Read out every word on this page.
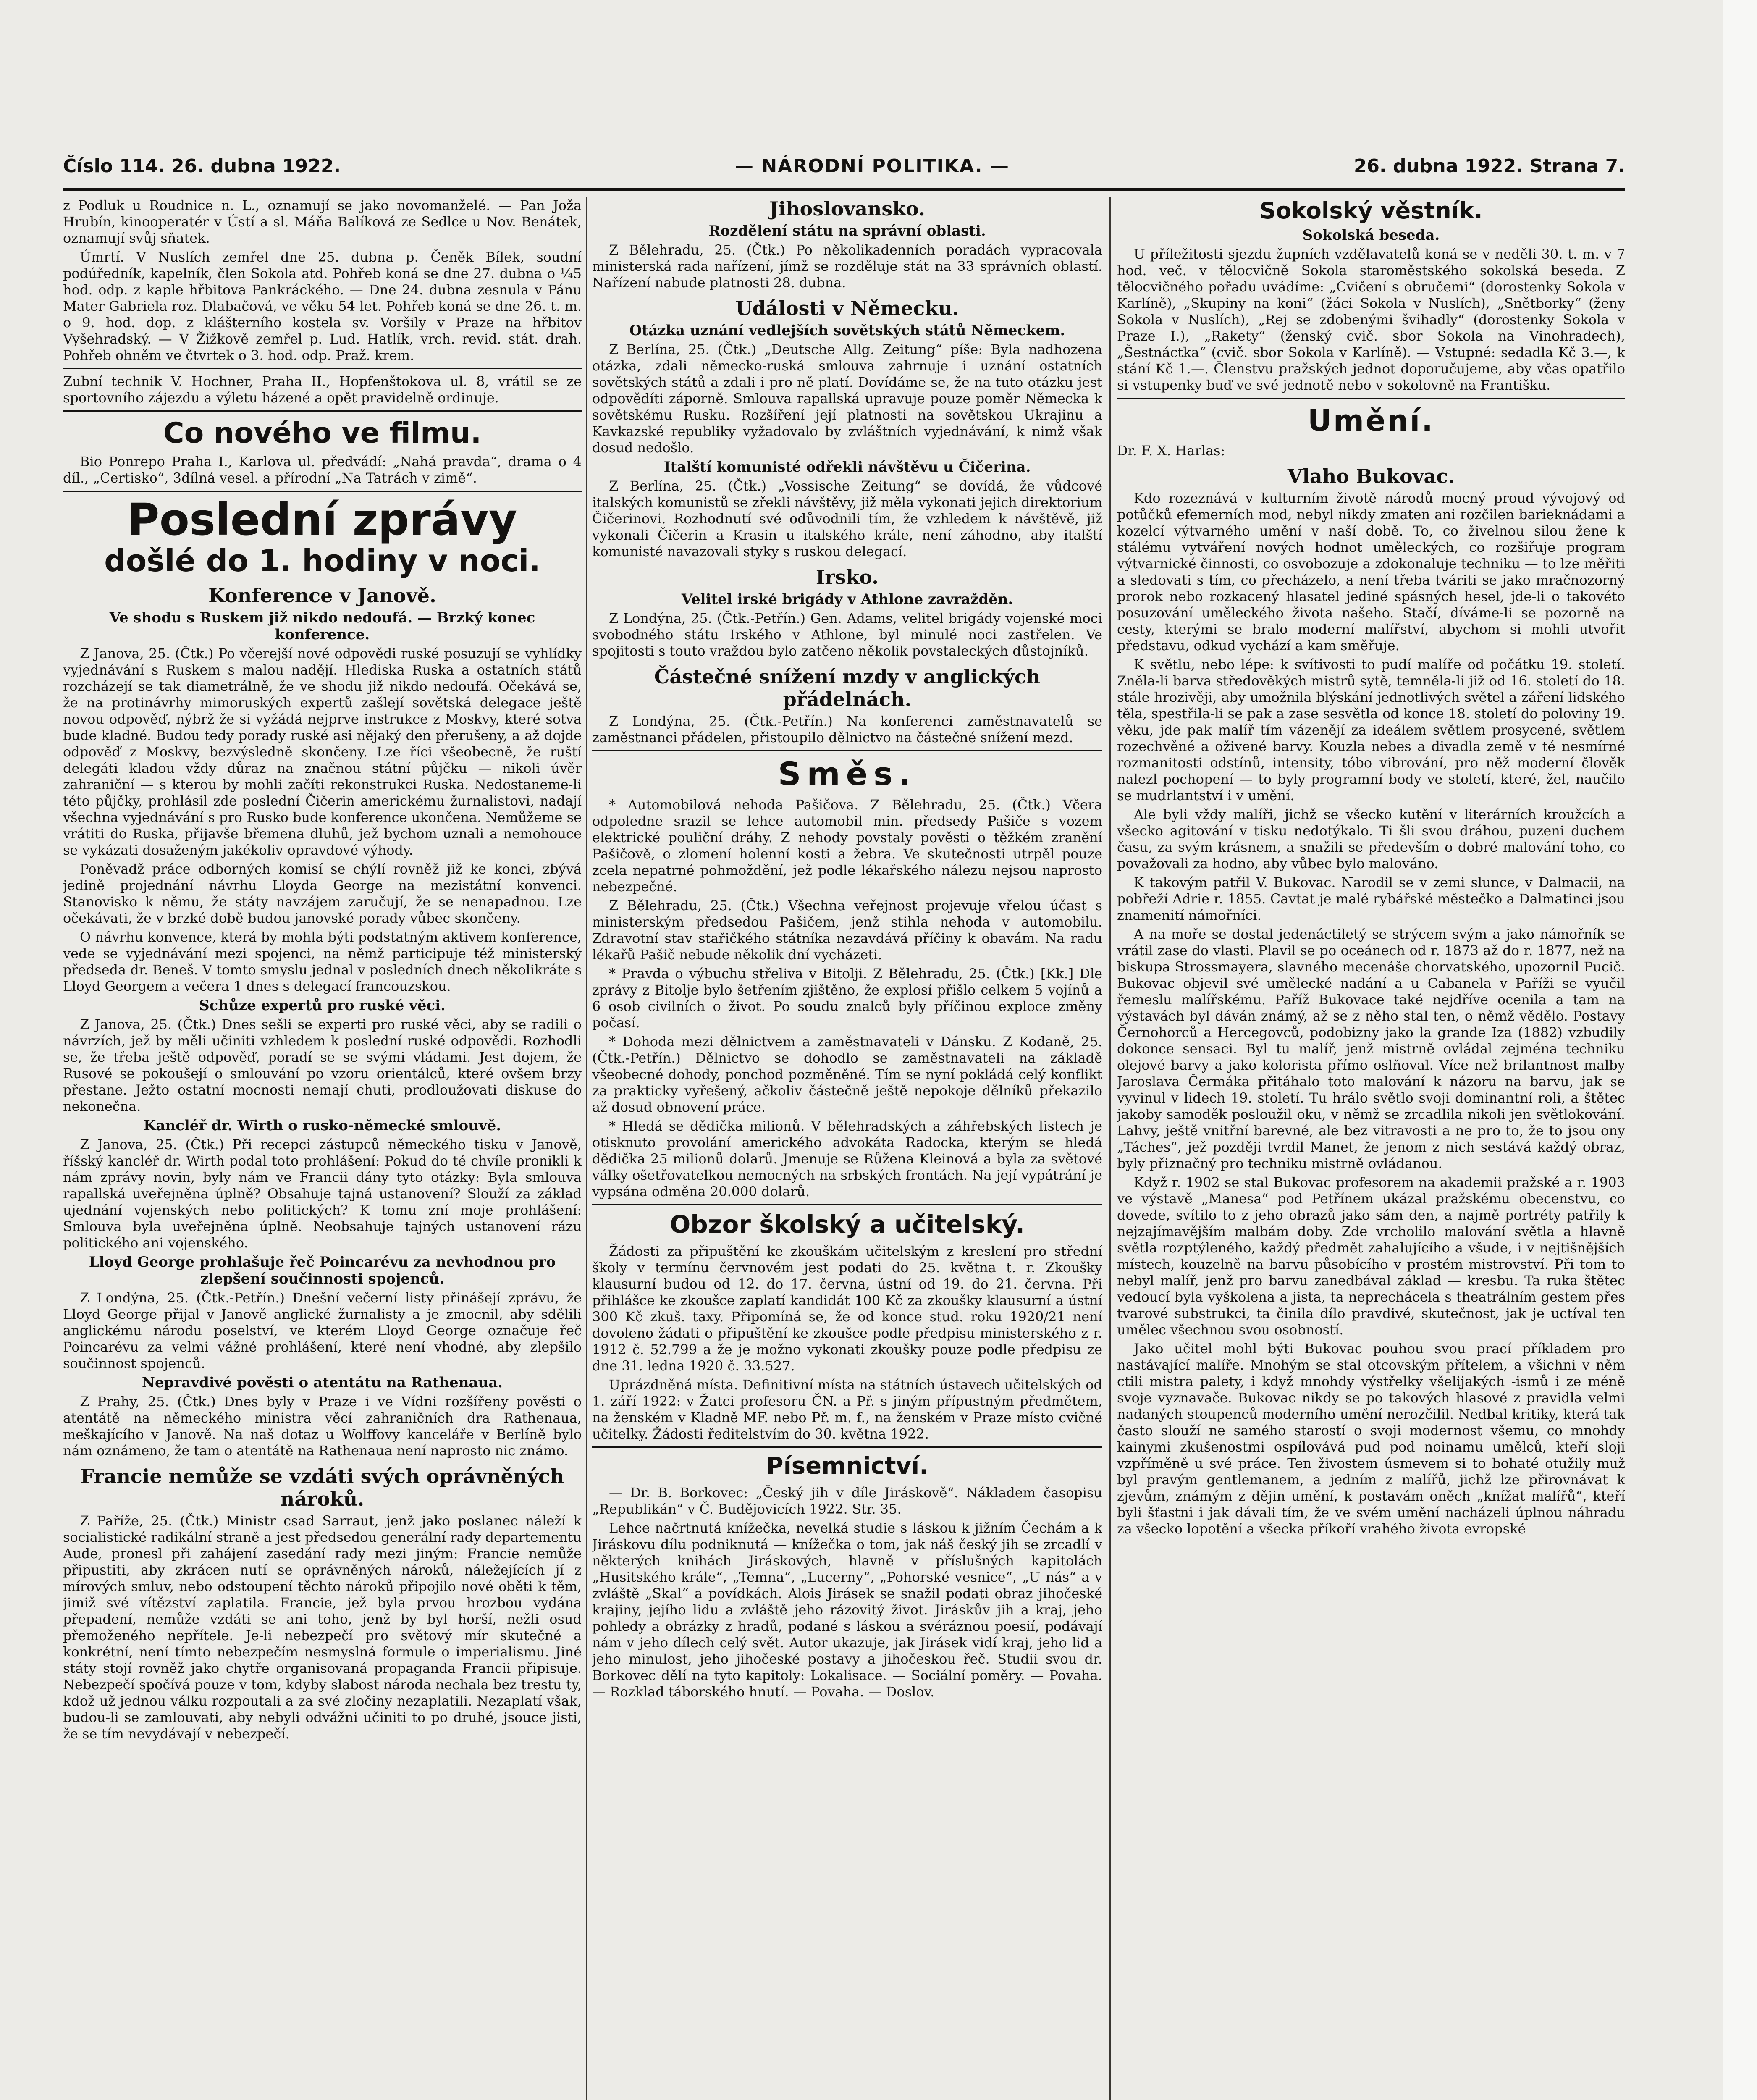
Číslo 114. 26. dubna 1922.	— NÁRODNÍ POLITIKA. —	26. dubna 1922. Strana 7.

z Podluk u Roudnice n. L., oznamují se jako novomanželé. — Pan Joža Hrubín, kinooperatér v Ústí a sl. Máňa Balíková ze Sedlce u Nov. Benátek, oznamují svůj sňatek.

Úmrtí. V Nuslích zemřel dne 25. dubna p. Čeněk Bílek, soudní podúředník, kapelník, člen Sokola atd. Pohřeb koná se dne 27. dubna o ¼5 hod. odp. z kaple hřbitova Pankráckého. — Dne 24. dubna zesnula v Pánu Mater Gabriela roz. Dlabačová, ve věku 54 let. Pohřeb koná se dne 26. t. m. o 9. hod. dop. z klášterního kostela sv. Voršily v Praze na hřbitov Vyšehradský. — V Žižkově zemřel p. Lud. Hatlík, vrch. revid. stát. drah. Pohřeb ohněm ve čtvrtek o 3. hod. odp. Praž. krem.

Zubní technik V. Hochner, Praha II., Hopfenštokova ul. 8, vrátil se ze sportovního zájezdu a výletu házené a opět pravidelně ordinuje.

Co nového ve filmu.

Bio Ponrepo Praha I., Karlova ul. předvádí: „Nahá pravda“, drama o 4 díl., „Certisko“, 3dílná vesel. a přírodní „Na Tatrách v zimě“.

Poslední zprávy
došlé do 1. hodiny v noci.
Konference v Janově.
Ve shodu s Ruskem již nikdo nedoufá. — Brzký konec konference.

Z Janova, 25. (Čtk.) Po včerejší nové odpovědi ruské posuzují se vyhlídky vyjednávání s Ruskem s malou nadějí. Hlediska Ruska a ostatních států rozcházejí se tak diametrálně, že ve shodu již nikdo nedoufá. Očekává se, že na protinávrhy mimoruských expertů zašlejí sovětská delegace ještě novou odpověď, nýbrž že si vyžádá nejprve instrukce z Moskvy, které sotva bude kladné. Budou tedy porady ruské asi nějaký den přerušeny, a až dojde odpověď z Moskvy, bezvýsledně skončeny. Lze říci všeobecně, že ruští delegáti kladou vždy důraz na značnou státní půjčku — nikoli úvěr zahraniční — s kterou by mohli začíti rekonstrukci Ruska. Nedostaneme-li této půjčky, prohlásil zde poslední Čičerin americkému žurnalistovi, nadají všechna vyjednávání s pro Rusko bude konference ukončena. Nemůžeme se vrátiti do Ruska, přijavše břemena dluhů, jež bychom uznali a nemohouce se vykázati dosaženým jakékoliv opravdové výhody.

Poněvadž práce odborných komisí se chýlí rovněž již ke konci, zbývá jedině projednání návrhu Lloyda George na mezistátní konvenci. Stanovisko k němu, že státy navzájem zaručují, že se nenapadnou. Lze očekávati, že v brzké době budou janovské porady vůbec skončeny.

O návrhu konvence, která by mohla býti podstatným aktivem konference, vede se vyjednávání mezi spojenci, na němž participuje též ministerský předseda dr. Beneš. V tomto smyslu jednal v posledních dnech několikráte s Lloyd Georgem a večera 1 dnes s delegací francouzskou.

Schůze expertů pro ruské věci.

Z Janova, 25. (Čtk.) Dnes sešli se experti pro ruské věci, aby se radili o návrzích, jež by měli učiniti vzhledem k poslední ruské odpovědi. Rozhodli se, že třeba ještě odpověď, poradí se se svými vládami. Jest dojem, že Rusové se pokoušejí o smlouvání po vzoru orientálců, které ovšem brzy přestane. Ježto ostatní mocnosti nemají chuti, prodloužovati diskuse do nekonečna.

Kancléř dr. Wirth o rusko-německé smlouvě.

Z Janova, 25. (Čtk.) Při recepci zástupců německého tisku v Janově, říšský kancléř dr. Wirth podal toto prohlášení: Pokud do té chvíle pronikli k nám zprávy novin, byly nám ve Francii dány tyto otázky: Byla smlouva rapallská uveřejněna úplně? Obsahuje tajná ustanovení? Slouží za základ ujednání vojenských nebo politických? K tomu zní moje prohlášení: Smlouva byla uveřejněna úplně. Neobsahuje tajných ustanovení rázu politického ani vojenského.

Lloyd George prohlašuje řeč Poincarévu za nevhodnou pro zlepšení součinnosti spojenců.

Z Londýna, 25. (Čtk.-Petřín.) Dnešní večerní listy přinášejí zprávu, že Lloyd George přijal v Janově anglické žurnalisty a je zmocnil, aby sdělili anglickému národu poselství, ve kterém Lloyd George označuje řeč Poincarévu za velmi vážné prohlášení, které není vhodné, aby zlepšilo součinnost spojenců.

Nepravdivé pověsti o atentátu na Rathenaua.

Z Prahy, 25. (Čtk.) Dnes byly v Praze i ve Vídni rozšířeny pověsti o atentátě na německého ministra věcí zahraničních dra Rathenaua, meškajícího v Janově. Na naš dotaz u Wolffovy kanceláře v Berlíně bylo nám oznámeno, že tam o atentátě na Rathenaua není naprosto nic známo.

Francie nemůže se vzdáti svých oprávněných nároků.

Z Paříže, 25. (Čtk.) Ministr csad Sarraut, jenž jako poslanec náleží k socialistické radikální straně a jest předsedou generální rady departementu Aude, pronesl při zahájení zasedání rady mezi jiným: Francie nemůže připustiti, aby zkrácen nutí se oprávněných nároků, náležejících jí z mírových smluv, nebo odstoupení těchto nároků připojilo nové oběti k těm, jimiž své vítězství zaplatila. Francie, jež byla prvou hrozbou vydána přepadení, nemůže vzdáti se ani toho, jenž by byl horší, nežli osud přemoženého nepřítele. Je-li nebezpečí pro světový mír skutečné a konkrétní, není tímto nebezpečím nesmyslná formule o imperialismu. Jiné státy stojí rovněž jako chytře organisovaná propaganda Francii připisuje. Nebezpečí spočívá pouze v tom, kdyby slabost národa nechala bez trestu ty, kdož už jednou válku rozpoutali a za své zločiny nezaplatili. Nezaplatí však, budou-li se zamlouvati, aby nebyli odvážni učiniti to po druhé, jsouce jisti, že se tím nevydávají v nebezpečí.

Jihoslovansko.
Rozdělení státu na správní oblasti.

Z Bělehradu, 25. (Čtk.) Po několikadenních poradách vypracovala ministerská rada nařízení, jímž se rozděluje stát na 33 správních oblastí. Nařízení nabude platnosti 28. dubna.

Události v Německu.
Otázka uznání vedlejších sovětských států Německem.

Z Berlína, 25. (Čtk.) „Deutsche Allg. Zeitung“ píše: Byla nadhozena otázka, zdali německo-ruská smlouva zahrnuje i uznání ostatních sovětských států a zdali i pro ně platí. Dovídáme se, že na tuto otázku jest odpovědíti záporně. Smlouva rapallská upravuje pouze poměr Německa k sovětskému Rusku. Rozšíření její platnosti na sovětskou Ukrajinu a Kavkazské republiky vyžadovalo by zvláštních vyjednávání, k nimž však dosud nedošlo.

Italští komunisté odřekli návštěvu u Čičerina.

Z Berlína, 25. (Čtk.) „Vossische Zeitung“ se dovídá, že vůdcové italských komunistů se zřekli návštěvy, již měla vykonati jejich direktorium Čičerinovi. Rozhodnutí své odůvodnili tím, že vzhledem k návštěvě, již vykonali Čičerin a Krasin u italského krále, není záhodno, aby italští komunisté navazovali styky s ruskou delegací.

Irsko.
Velitel irské brigády v Athlone zavražděn.

Z Londýna, 25. (Čtk.-Petřín.) Gen. Adams, velitel brigády vojenské moci svobodného státu Irského v Athlone, byl minulé noci zastřelen. Ve spojitosti s touto vraždou bylo zatčeno několik povstaleckých důstojníků.

Částečné snížení mzdy v anglických přádelnách.

Z Londýna, 25. (Čtk.-Petřín.) Na konferenci zaměstnavatelů se zaměstnanci přádelen, přistoupilo dělnictvo na částečné snížení mezd.

Směs.

* Automobilová nehoda Pašičova. Z Bělehradu, 25. (Čtk.) Včera odpoledne srazil se lehce automobil min. předsedy Pašiče s vozem elektrické pouliční dráhy. Z nehody povstaly pověsti o těžkém zranění Pašičově, o zlomení holenní kosti a žebra. Ve skutečnosti utrpěl pouze zcela nepatrné pohmoždění, jež podle lékařského nálezu nejsou naprosto nebezpečné.

Z Bělehradu, 25. (Čtk.) Všechna veřejnost projevuje vřelou účast s ministerským předsedou Pašičem, jenž stihla nehoda v automobilu. Zdravotní stav stařičkého státníka nezavdává příčiny k obavám. Na radu lékařů Pašič nebude několik dní vycházeti.

* Pravda o výbuchu střeliva v Bitolji. Z Bělehradu, 25. (Čtk.) [Kk.] Dle zprávy z Bitolje bylo šetřením zjištěno, že explosí přišlo celkem 5 vojínů a 6 osob civilních o život. Po soudu znalců byly příčinou exploce změny počasí.

* Dohoda mezi dělnictvem a zaměstnavateli v Dánsku. Z Kodaně, 25. (Čtk.-Petřín.) Dělnictvo se dohodlo se zaměstnavateli na základě všeobecné dohody, ponchod pozměněné. Tím se nyní pokládá celý konflikt za prakticky vyřešený, ačkoliv částečně ještě nepokoje dělníků překazilo až dosud obnovení práce.

* Hledá se dědička milionů. V bělehradských a záhřebských listech je otisknuto provolání amerického advokáta Radocka, kterým se hledá dědička 25 milionů dolarů. Jmenuje se Růžena Kleinová a byla za světové války ošetřovatelkou nemocných na srbských frontách. Na její vypátrání je vypsána odměna 20.000 dolarů.

Obzor školský a učitelský.

Žádosti za připuštění ke zkouškám učitelským z kreslení pro střední školy v termínu červnovém jest podati do 25. května t. r. Zkoušky klausurní budou od 12. do 17. června, ústní od 19. do 21. června. Při přihlášce ke zkoušce zaplatí kandidát 100 Kč za zkoušky klausurní a ústní 300 Kč zkuš. taxy. Připomíná se, že od konce stud. roku 1920/21 není dovoleno žádati o připuštění ke zkoušce podle předpisu ministerského z r. 1912 č. 52.799 a že je možno vykonati zkoušky pouze podle předpisu ze dne 31. ledna 1920 č. 33.527.

Uprázdněná místa. Definitivní místa na státních ústavech učitelských od 1. září 1922: v Žatci profesoru ČN. a Př. s jiným přípustným předmětem, na ženském v Kladně MF. nebo Př. m. f., na ženském v Praze místo cvičné učitelky. Žádosti ředitelstvím do 30. května 1922.

Písemnictví.

— Dr. B. Borkovec: „Český jih v díle Jiráskově“. Nákladem časopisu „Republikán“ v Č. Budějovicích 1922. Str. 35.

Lehce načrtnutá knížečka, nevelká studie s láskou k jižním Čechám a k Jiráskovu dílu podniknutá — knížečka o tom, jak náš český jih se zrcadlí v některých knihách Jiráskových, hlavně v příslušných kapitolách „Husitského krále“, „Temna“, „Lucerny“, „Pohorské vesnice“, „U nás“ a v zvláště „Skal“ a povídkách. Alois Jirásek se snažil podati obraz jihočeské krajiny, jejího lidu a zvláště jeho rázovitý život. Jiráskův jih a kraj, jeho pohledy a obrázky z hradů, podané s láskou a svéráznou poesií, podávají nám v jeho dílech celý svět. Autor ukazuje, jak Jirásek vidí kraj, jeho lid a jeho minulost, jeho jihočeské postavy a jihočeskou řeč. Studii svou dr. Borkovec dělí na tyto kapitoly: Lokalisace. — Sociální poměry. — Povaha. — Rozklad táborského hnutí. — Povaha. — Doslov.

Sokolský věstník.
Sokolská beseda.

U příležitosti sjezdu župních vzdělavatelů koná se v neděli 30. t. m. v 7 hod. več. v tělocvičně Sokola staroměstského sokolská beseda. Z tělocvičného pořadu uvádíme: „Cvičení s obručemi“ (dorostenky Sokola v Karlíně), „Skupiny na koni“ (žáci Sokola v Nuslích), „Snětborky“ (ženy Sokola v Nuslích), „Rej se zdobenými švihadly“ (dorostenky Sokola v Praze I.), „Rakety“ (ženský cvič. sbor Sokola na Vinohradech), „Šestnáctka“ (cvič. sbor Sokola v Karlíně). — Vstupné: sedadla Kč 3.—, k stání Kč 1.—. Členstvu pražských jednot doporučujeme, aby včas opatřilo si vstupenky buď ve své jednotě nebo v sokolovně na Františku.

Umění.

Dr. F. X. Harlas:

Vlaho Bukovac.

Kdo rozeznává v kulturním životě národů mocný proud vývojový od potůčků efemerních mod, nebyl nikdy zmaten ani rozčilen barieknádami a kozelcí výtvarného umění v naší době. To, co živelnou silou žene k stálému vytváření nových hodnot uměleckých, co rozšiřuje program výtvarnické činnosti, co osvobozuje a zdokonaluje techniku — to lze měřiti a sledovati s tím, co přecházelo, a není třeba tváriti se jako mračnozorný prorok nebo rozkacený hlasatel jediné spásných hesel, jde-li o takovéto posuzování uměleckého života našeho. Stačí, díváme-li se pozorně na cesty, kterými se bralo moderní malířství, abychom si mohli utvořit představu, odkud vychází a kam směřuje.

K světlu, nebo lépe: k svítivosti to pudí malíře od počátku 19. století. Zněla-li barva středověkých mistrů sytě, temněla-li již od 16. století do 18. stále hrozivěji, aby umožnila blýskání jednotlivých světel a záření lidského těla, spestřila-li se pak a zase sesvětla od konce 18. století do poloviny 19. věku, jde pak malíř tím vázenějí za ideálem světlem prosycené, světlem rozechvěné a oživené barvy. Kouzla nebes a divadla země v té nesmírné rozmanitosti odstínů, intensity, tóbo vibrování, pro něž moderní člověk nalezl pochopení — to byly programní body ve století, které, žel, naučilo se mudrlantství i v umění.

Ale byli vždy malíři, jichž se všecko kutění v literárních kroužcích a všecko agitování v tisku nedotýkalo. Ti šli svou dráhou, puzeni duchem času, za svým krásnem, a snažili se především o dobré malování toho, co považovali za hodno, aby vůbec bylo malováno.

K takovým patřil V. Bukovac. Narodil se v zemi slunce, v Dalmacii, na pobřeží Adrie r. 1855. Cavtat je malé rybářské městečko a Dalmatinci jsou znamenití námořníci.

A na moře se dostal jedenáctiletý se strýcem svým a jako námořník se vrátil zase do vlasti. Plavil se po oceánech od r. 1873 až do r. 1877, než na biskupa Strossmayera, slavného mecenáše chorvatského, upozornil Pucič. Bukovac objevil své umělecké nadání a u Cabanela v Paříži se vyučil řemeslu malířskému. Paříž Bukovace také nejdříve ocenila a tam na výstavách byl dáván známý, až se z něho stal ten, o němž vědělo. Postavy Černohorců a Hercegovců, podobizny jako la grande Iza (1882) vzbudily dokonce sensaci. Byl tu malíř, jenž mistrně ovládal zejména techniku olejové barvy a jako kolorista přímo oslňoval. Více než brilantnost malby Jaroslava Čermáka přitáhalo toto malování k názoru na barvu, jak se vyvinul v lidech 19. století. Tu hrálo světlo svoji dominantní roli, a štětec jakoby samoděk posloužil oku, v němž se zrcadlila nikoli jen světlokování. Lahvy, ještě vnitřní barevné, ale bez vitravosti a ne pro to, že to jsou ony „Táches“, jež později tvrdil Manet, že jenom z nich sestává každý obraz, byly přiznačný pro techniku mistrně ovládanou.

Když r. 1902 se stal Bukovac profesorem na akademii pražské a r. 1903 ve výstavě „Manesa“ pod Petřínem ukázal pražskému obecenstvu, co dovede, svítilo to z jeho obrazů jako sám den, a najmě portréty patřily k nejzajímavějším malbám doby. Zde vrcholilo malování světla a hlavně světla rozptýleného, každý předmět zahalujícího a všude, i v nejtišnějších místech, kouzelně na barvu působícího v prostém mistrovství. Při tom to nebyl malíř, jenž pro barvu zanedbával základ — kresbu. Ta ruka štětec vedoucí byla vyškolena a jista, ta neprechácela s theatrálním gestem přes tvarové substrukci, ta činila dílo pravdivé, skutečnost, jak je uctíval ten umělec všechnou svou osobností.

Jako učitel mohl býti Bukovac pouhou svou prací příkladem pro nastávající malíře. Mnohým se stal otcovským přítelem, a všichni v něm ctili mistra palety, i když mnohdy výstřelky všelijakých -ismů i ze méně svoje vyznavače. Bukovac nikdy se po takových hlasové z pravidla velmi nadaných stoupenců moderního umění nerozčilil. Nedbal kritiky, která tak často slouží ne samého starostí o svoji modernost všemu, co mnohdy kainymi zkušenostmi ospílovává pud pod noinamu umělců, kteří sloji vzpříměně u své práce. Ten živostem úsmevem si to bohaté otužily muž byl pravým gentlemanem, a jedním z malířů, jichž lze přirovnávat k zjevům, známým z dějin umění, k postavám oněch „knížat malířů“, kteří byli šťastni i jak dávali tím, že ve svém umění nacházeli úplnou náhradu za všecko lopotění a všecka příkoří vrahého života evropské
